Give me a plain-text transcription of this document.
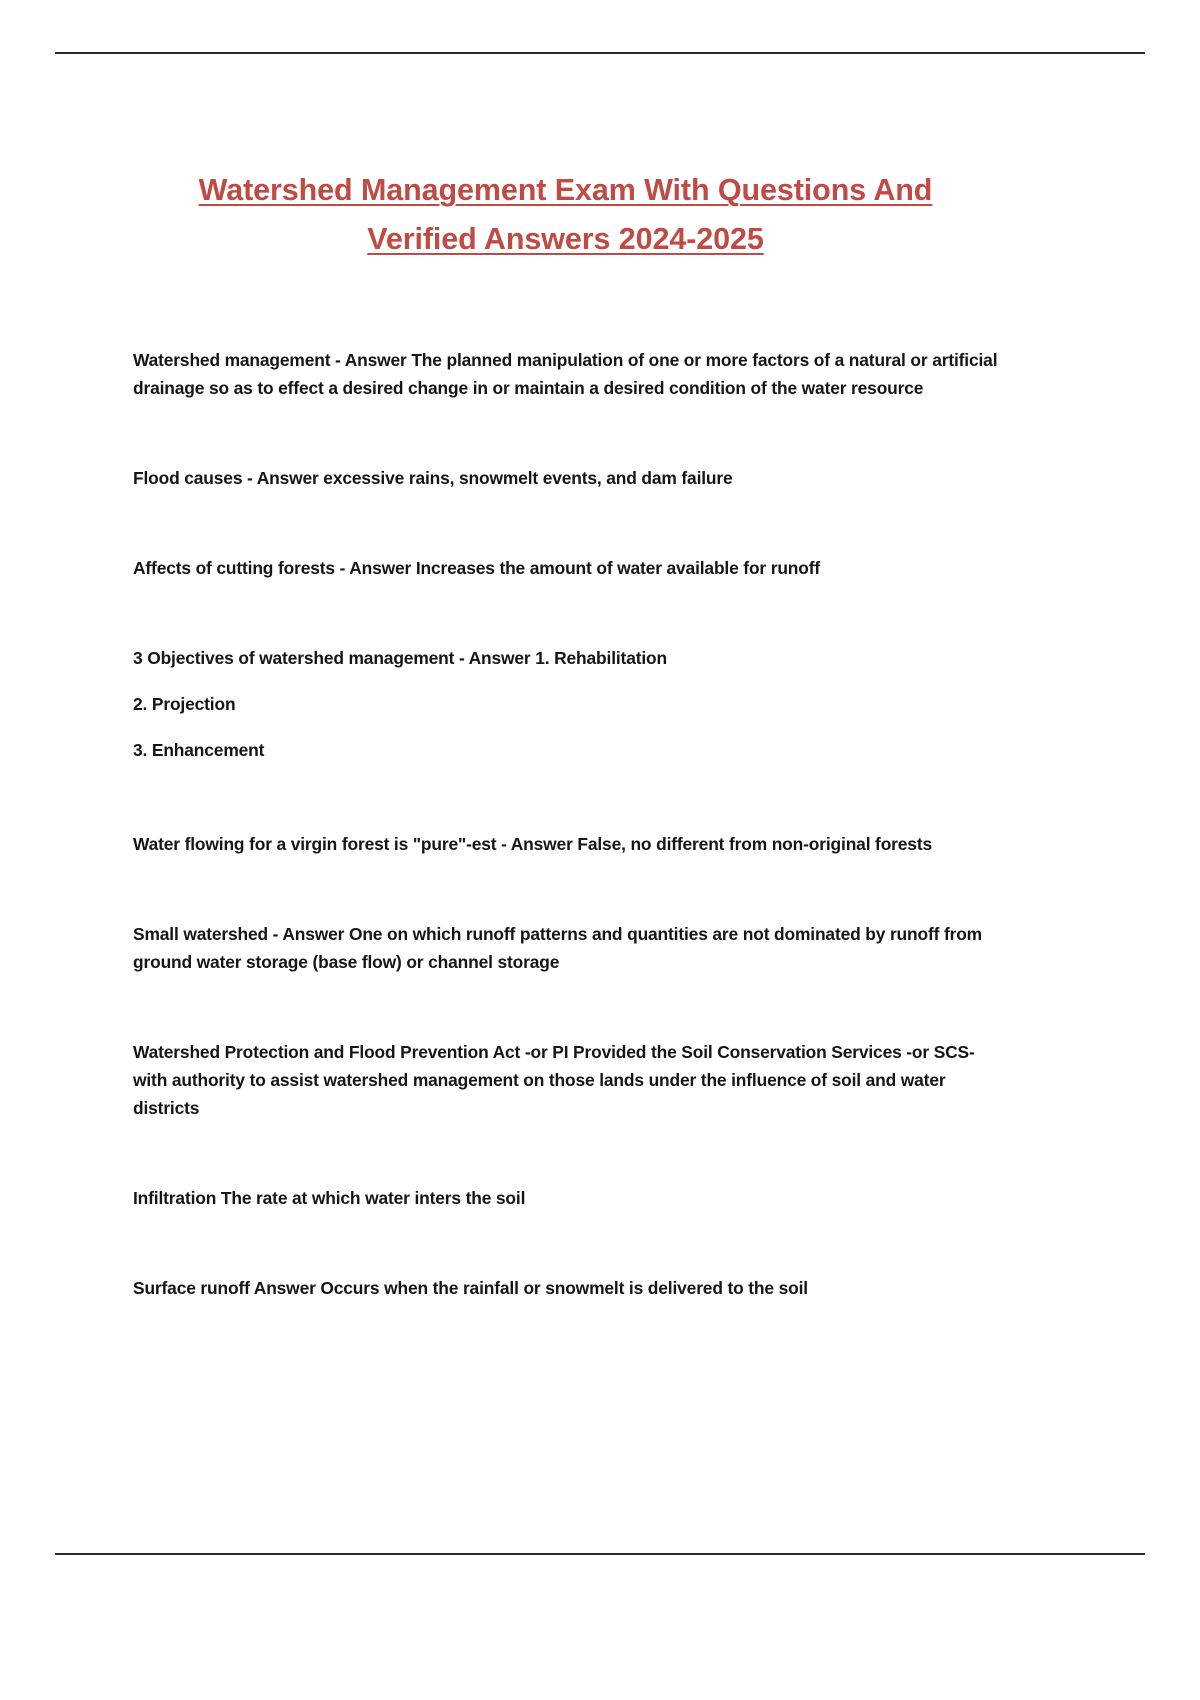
Watershed Management Exam With Questions And
Verified Answers 2024-2025

Watershed management - Answer The planned manipulation of one or more factors of a natural or artificial drainage so as to effect a desired change in or maintain a desired condition of the water resource

Flood causes - Answer excessive rains, snowmelt events, and dam failure

Affects of cutting forests - Answer Increases the amount of water available for runoff

3 Objectives of watershed management - Answer 1. Rehabilitation

2. Projection

3. Enhancement

Water flowing for a virgin forest is "pure"-est - Answer False, no different from non-original forests

Small watershed - Answer One on which runoff patterns and quantities are not dominated by runoff from ground water storage (base flow) or channel storage

Watershed Protection and Flood Prevention Act -or PI Provided the Soil Conservation Services -or SCS- with authority to assist watershed management on those lands under the influence of soil and water districts

Infiltration The rate at which water inters the soil

Surface runoff Answer Occurs when the rainfall or snowmelt is delivered to the soil
